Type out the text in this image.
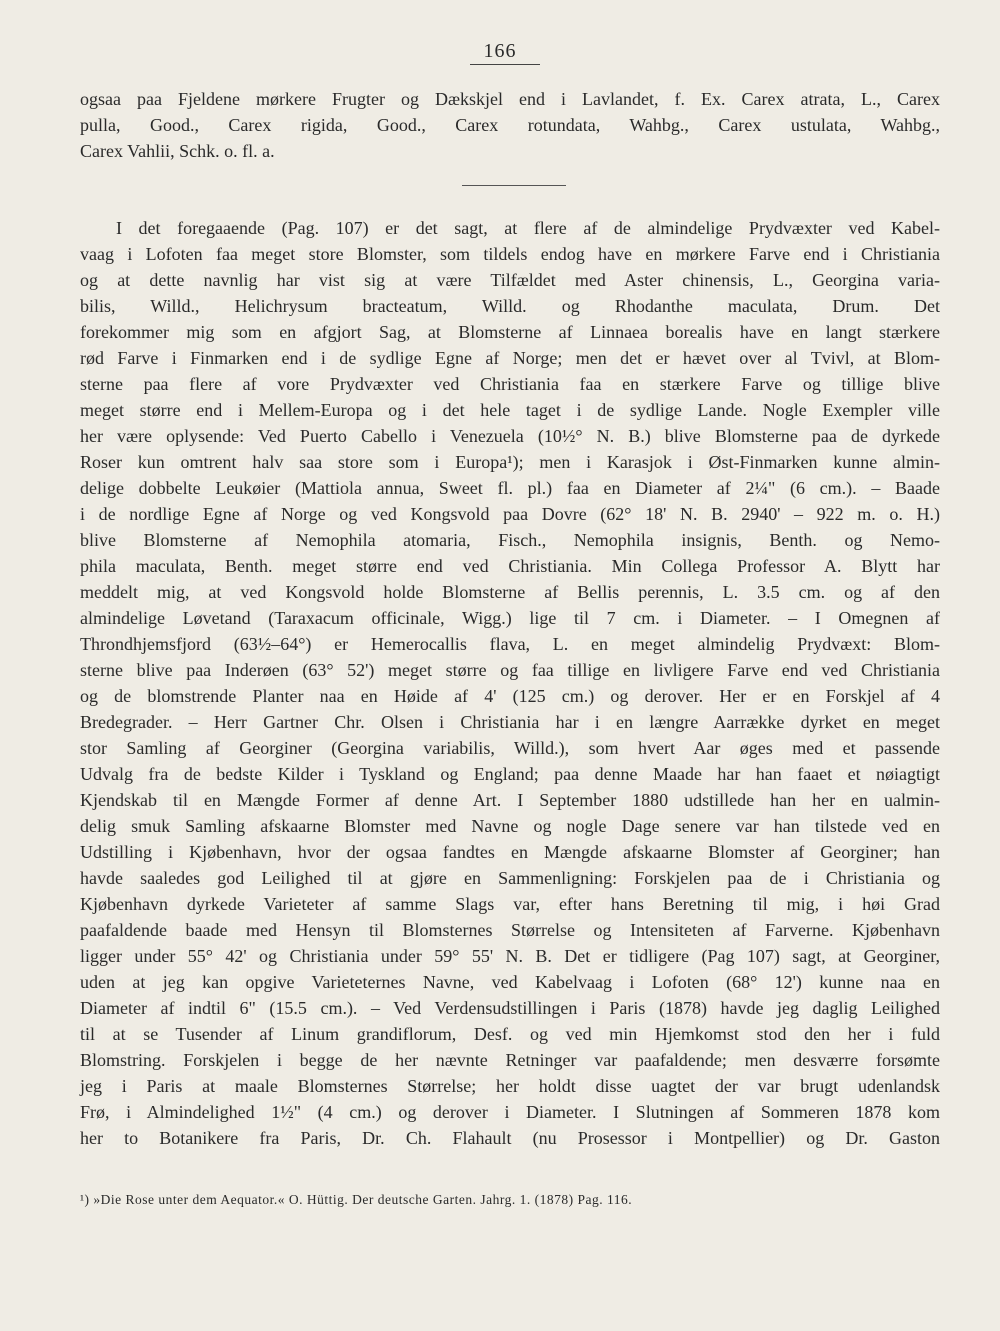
166
ogsaa paa Fjeldene mørkere Frugter og Dækskjel end i Lavlandet, f. Ex. Carex atrata, L., Carex
pulla, Good., Carex rigida, Good., Carex rotundata, Wahbg., Carex ustulata, Wahbg.,
Carex Vahlii, Schk. o. fl. a.
I det foregaaende (Pag. 107) er det sagt, at flere af de almindelige Prydvæxter ved Kabel-
vaag i Lofoten faa meget store Blomster, som tildels endog have en mørkere Farve end i Christiania
og at dette navnlig har vist sig at være Tilfældet med Aster chinensis, L., Georgina varia-
bilis, Willd., Helichrysum bracteatum, Willd. og Rhodanthe maculata, Drum. Det
forekommer mig som en afgjort Sag, at Blomsterne af Linnaea borealis have en langt stærkere
rød Farve i Finmarken end i de sydlige Egne af Norge; men det er hævet over al Tvivl, at Blom-
sterne paa flere af vore Prydvæxter ved Christiania faa en stærkere Farve og tillige blive
meget større end i Mellem-Europa og i det hele taget i de sydlige Lande. Nogle Exempler ville
her være oplysende: Ved Puerto Cabello i Venezuela (10½° N. B.) blive Blomsterne paa de dyrkede
Roser kun omtrent halv saa store som i Europa¹); men i Karasjok i Øst-Finmarken kunne almin-
delige dobbelte Leukøier (Mattiola annua, Sweet fl. pl.) faa en Diameter af 2¼" (6 cm.). – Baade
i de nordlige Egne af Norge og ved Kongsvold paa Dovre (62° 18' N. B. 2940' – 922 m. o. H.)
blive Blomsterne af Nemophila atomaria, Fisch., Nemophila insignis, Benth. og Nemo-
phila maculata, Benth. meget større end ved Christiania. Min Collega Professor A. Blytt har
meddelt mig, at ved Kongsvold holde Blomsterne af Bellis perennis, L. 3.5 cm. og af den
almindelige Løvetand (Taraxacum officinale, Wigg.) lige til 7 cm. i Diameter. – I Omegnen af
Throndhjemsfjord (63½–64°) er Hemerocallis flava, L. en meget almindelig Prydvæxt: Blom-
sterne blive paa Inderøen (63° 52') meget større og faa tillige en livligere Farve end ved Christiania
og de blomstrende Planter naa en Høide af 4' (125 cm.) og derover. Her er en Forskjel af 4
Bredegrader. – Herr Gartner Chr. Olsen i Christiania har i en længre Aarrække dyrket en meget
stor Samling af Georginer (Georgina variabilis, Willd.), som hvert Aar øges med et passende
Udvalg fra de bedste Kilder i Tyskland og England; paa denne Maade har han faaet et nøiagtigt
Kjendskab til en Mængde Former af denne Art. I September 1880 udstillede han her en ualmin-
delig smuk Samling afskaarne Blomster med Navne og nogle Dage senere var han tilstede ved en
Udstilling i Kjøbenhavn, hvor der ogsaa fandtes en Mængde afskaarne Blomster af Georginer; han
havde saaledes god Leilighed til at gjøre en Sammenligning: Forskjelen paa de i Christiania og
Kjøbenhavn dyrkede Varieteter af samme Slags var, efter hans Beretning til mig, i høi Grad
paafaldende baade med Hensyn til Blomsternes Størrelse og Intensiteten af Farverne. Kjøbenhavn
ligger under 55° 42' og Christiania under 59° 55' N. B. Det er tidligere (Pag 107) sagt, at Georginer,
uden at jeg kan opgive Varieteternes Navne, ved Kabelvaag i Lofoten (68° 12') kunne naa en
Diameter af indtil 6" (15.5 cm.). – Ved Verdensudstillingen i Paris (1878) havde jeg daglig Leilighed
til at se Tusender af Linum grandiflorum, Desf. og ved min Hjemkomst stod den her i fuld
Blomstring. Forskjelen i begge de her nævnte Retninger var paafaldende; men desværre forsømte
jeg i Paris at maale Blomsternes Størrelse; her holdt disse uagtet der var brugt udenlandsk
Frø, i Almindelighed 1½" (4 cm.) og derover i Diameter. I Slutningen af Sommeren 1878 kom
her to Botanikere fra Paris, Dr. Ch. Flahault (nu Prosessor i Montpellier) og Dr. Gaston
¹) »Die Rose unter dem Aequator.« O. Hüttig. Der deutsche Garten. Jahrg. 1. (1878) Pag. 116.
